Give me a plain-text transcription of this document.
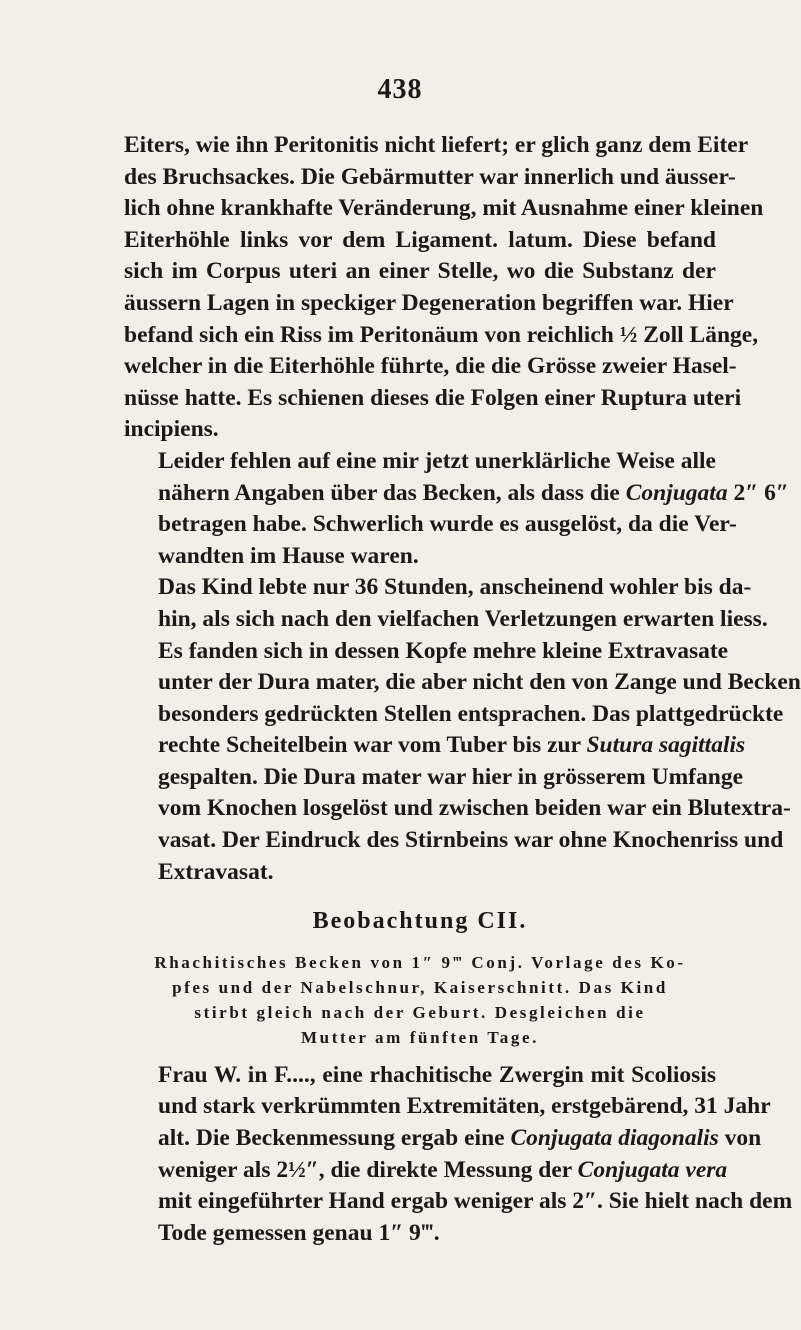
438

Eiters, wie ihn Peritonitis nicht liefert; er glich ganz dem Eiter
des Bruchsackes. Die Gebärmutter war innerlich und äusser-
lich ohne krankhafte Veränderung, mit Ausnahme einer kleinen
Eiterhöhle links vor dem Ligament. latum. Diese befand
sich im Corpus uteri an einer Stelle, wo die Substanz der
äussern Lagen in speckiger Degeneration begriffen war. Hier
befand sich ein Riss im Peritonäum von reichlich ½ Zoll Länge,
welcher in die Eiterhöhle führte, die die Grösse zweier Hasel-
nüsse hatte. Es schienen dieses die Folgen einer Ruptura uteri
incipiens.

Leider fehlen auf eine mir jetzt unerklärliche Weise alle
nähern Angaben über das Becken, als dass die Conjugata 2″ 6″
betragen habe. Schwerlich wurde es ausgelöst, da die Ver-
wandten im Hause waren.

Das Kind lebte nur 36 Stunden, anscheinend wohler bis da-
hin, als sich nach den vielfachen Verletzungen erwarten liess.
Es fanden sich in dessen Kopfe mehre kleine Extravasate
unter der Dura mater, die aber nicht den von Zange und Becken
besonders gedrückten Stellen entsprachen. Das plattgedrückte
rechte Scheitelbein war vom Tuber bis zur Sutura sagittalis
gespalten. Die Dura mater war hier in grösserem Umfange
vom Knochen losgelöst und zwischen beiden war ein Blutextra-
vasat. Der Eindruck des Stirnbeins war ohne Knochenriss und
Extravasat.

Beobachtung CII.

Rhachitisches Becken von 1″ 9‴ Conj. Vorlage des Ko-
pfes und der Nabelschnur, Kaiserschnitt. Das Kind
stirbt gleich nach der Geburt. Desgleichen die
Mutter am fünften Tage.

Frau W. in F...., eine rhachitische Zwergin mit Scoliosis
und stark verkrümmten Extremitäten, erstgebärend, 31 Jahr
alt. Die Beckenmessung ergab eine Conjugata diagonalis von
weniger als 2½″, die direkte Messung der Conjugata vera
mit eingeführter Hand ergab weniger als 2″. Sie hielt nach dem
Tode gemessen genau 1″ 9‴.
